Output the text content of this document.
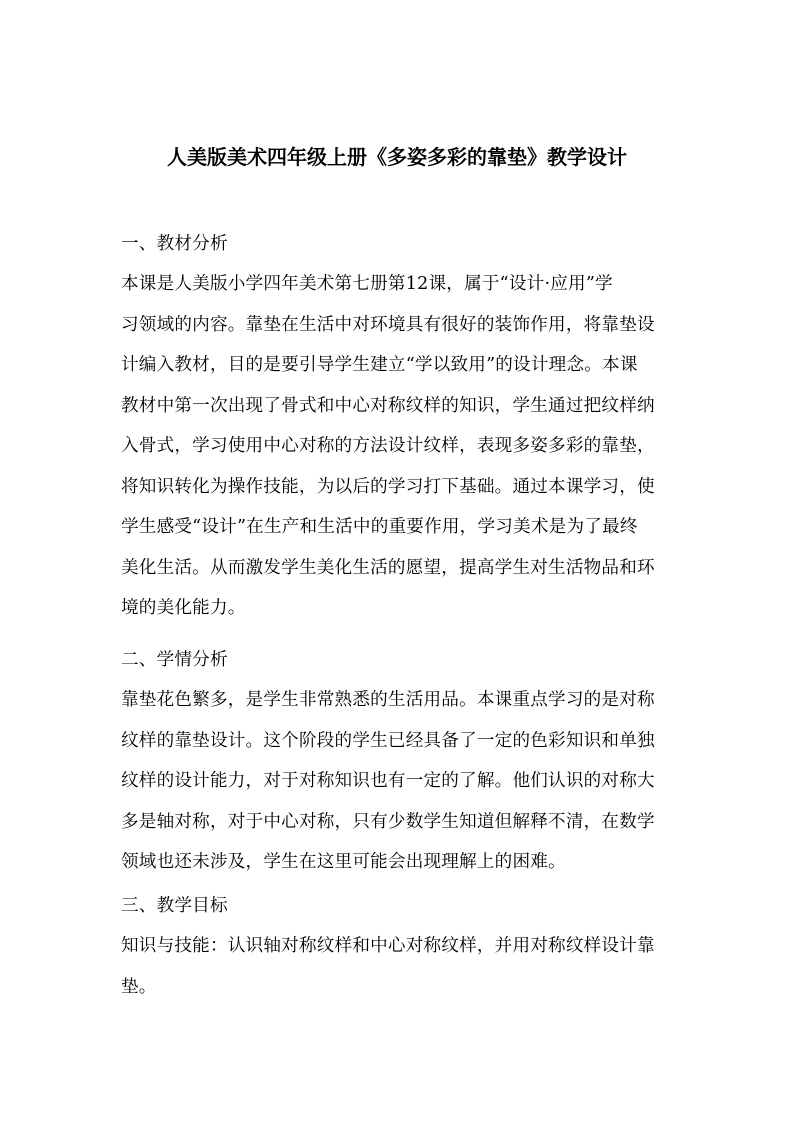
人美版美术四年级上册《多姿多彩的靠垫》教学设计
一、教材分析
本课是人美版小学四年美术第七册第12课，属于“设计·应用”学
习领域的内容。靠垫在生活中对环境具有很好的装饰作用，将靠垫设
计编入教材，目的是要引导学生建立“学以致用”的设计理念。本课
教材中第一次出现了骨式和中心对称纹样的知识，学生通过把纹样纳
入骨式，学习使用中心对称的方法设计纹样，表现多姿多彩的靠垫，
将知识转化为操作技能，为以后的学习打下基础。通过本课学习，使
学生感受“设计”在生产和生活中的重要作用，学习美术是为了最终
美化生活。从而激发学生美化生活的愿望，提高学生对生活物品和环
境的美化能力。
二、学情分析
靠垫花色繁多，是学生非常熟悉的生活用品。本课重点学习的是对称
纹样的靠垫设计。这个阶段的学生已经具备了一定的色彩知识和单独
纹样的设计能力，对于对称知识也有一定的了解。他们认识的对称大
多是轴对称，对于中心对称，只有少数学生知道但解释不清，在数学
领域也还未涉及，学生在这里可能会出现理解上的困难。
三、教学目标
知识与技能：认识轴对称纹样和中心对称纹样，并用对称纹样设计靠
垫。
